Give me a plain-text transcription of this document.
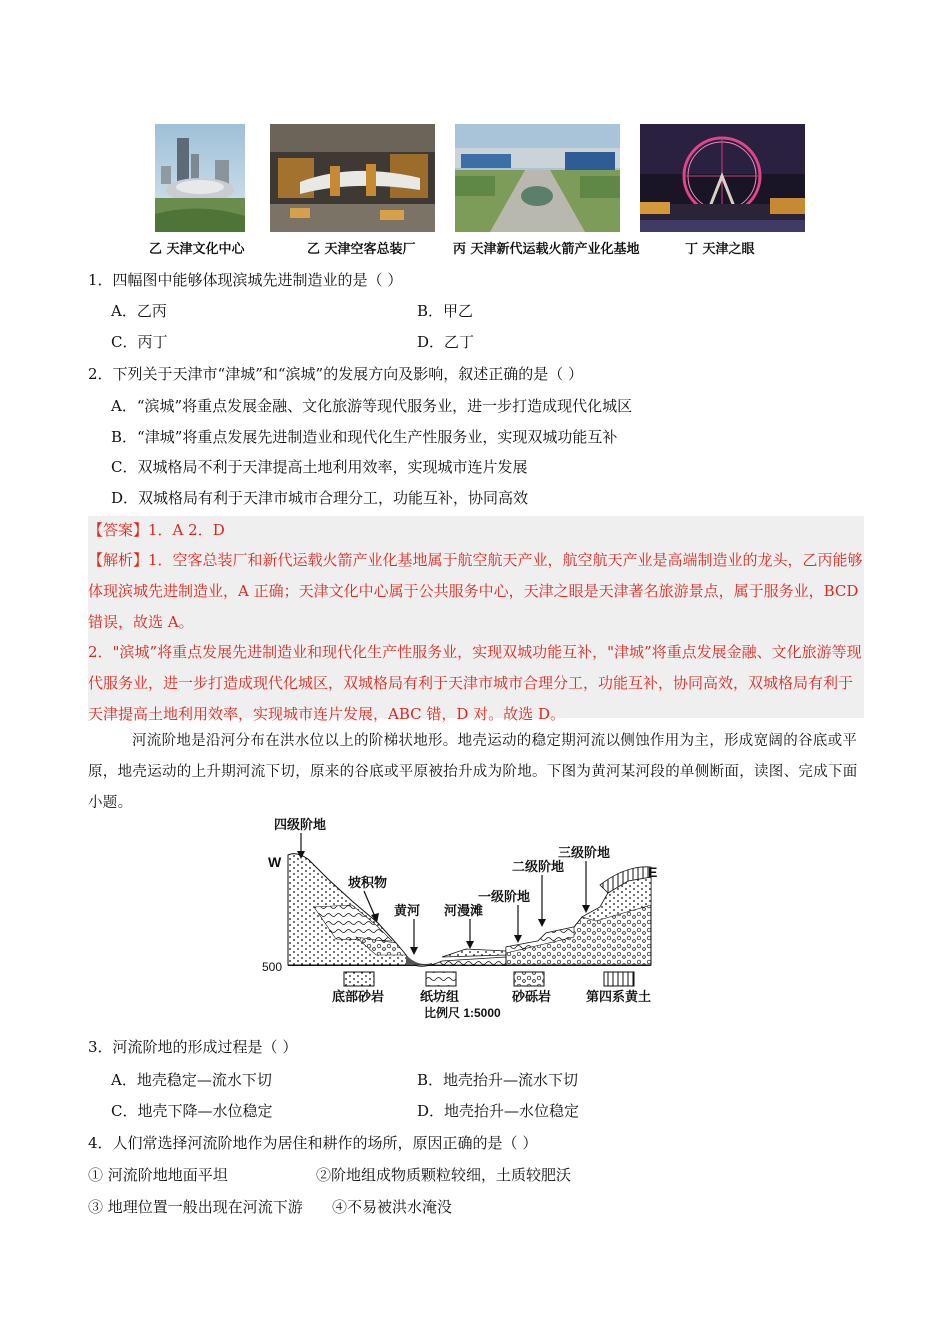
乙 天津文化中心	乙 天津空客总装厂	丙 天津新代运载火箭产业化基地	丁 天津之眼
1．四幅图中能够体现滨城先进制造业的是（ ）
A．乙丙	B．甲乙
C．丙丁	D．乙丁
2．下列关于天津市“津城”和“滨城”的发展方向及影响，叙述正确的是（ ）
A．“滨城”将重点发展金融、文化旅游等现代服务业，进一步打造成现代化城区
B．“津城”将重点发展先进制造业和现代化生产性服务业，实现双城功能互补
C．双城格局不利于天津提高土地利用效率，实现城市连片发展
D．双城格局有利于天津市城市合理分工，功能互补，协同高效
【答案】1．A 2．D
【解析】1．空客总装厂和新代运载火箭产业化基地属于航空航天产业，航空航天产业是高端制造业的龙头，乙丙能够体现滨城先进制造业，A 正确；天津文化中心属于公共服务中心，天津之眼是天津著名旅游景点，属于服务业，BCD 错误，故选 A。
2．"滨城”将重点发展先进制造业和现代化生产性服务业，实现双城功能互补，"津城”将重点发展金融、文化旅游等现代服务业，进一步打造成现代化城区，双城格局有利于天津市城市合理分工，功能互补，协同高效，双城格局有利于天津提高土地利用效率，实现城市连片发展，ABC 错，D 对。故选 D。
河流阶地是沿河分布在洪水位以上的阶梯状地形。地壳运动的稳定期河流以侧蚀作用为主，形成宽阔的谷底或平原，地壳运动的上升期河流下切，原来的谷底或平原被抬升成为阶地。下图为黄河某河段的单侧断面，读图、完成下面小题。
500
四级阶地
W
E
坡积物
黄河 河漫滩
一级阶地
二级阶地
三级阶地
底部砂岩	纸坊组	砂砾岩	第四系黄土
比例尺 1:5000
3．河流阶地的形成过程是（ ）
A．地壳稳定—流水下切	B．地壳抬升—流水下切
C．地壳下降—水位稳定	D．地壳抬升—水位稳定
4．人们常选择河流阶地作为居住和耕作的场所，原因正确的是（ ）
① 河流阶地地面平坦	②阶地组成物质颗粒较细，土质较肥沃
③ 地理位置一般出现在河流下游 ④不易被洪水淹没
